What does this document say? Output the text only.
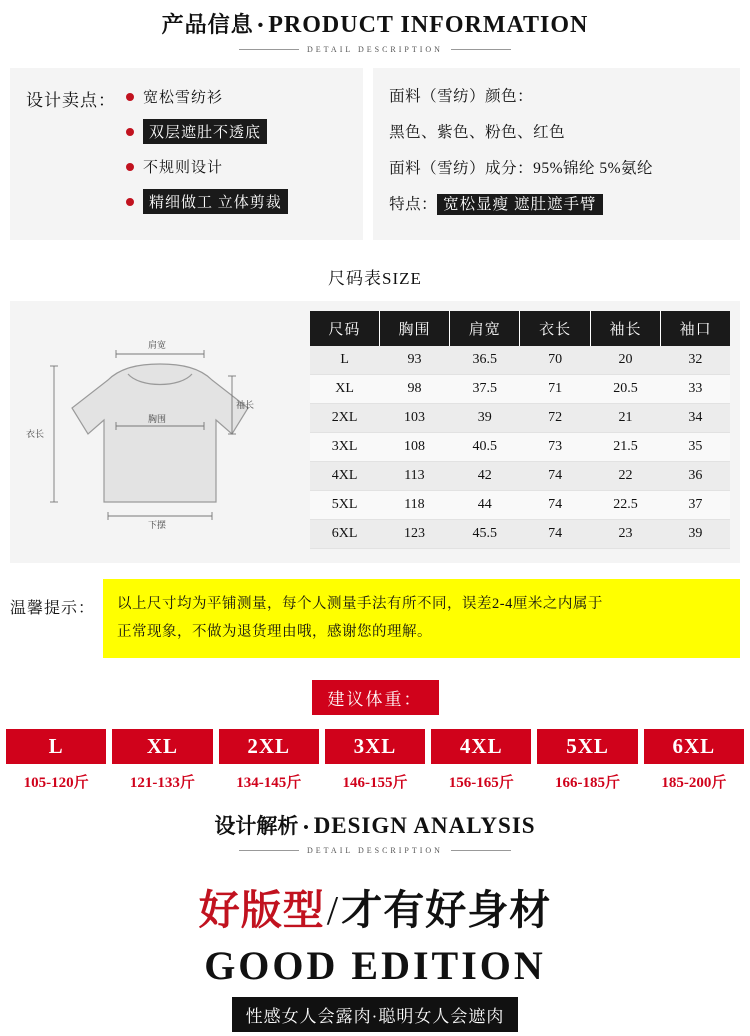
产品信息 • PRODUCT INFORMATION
DETAIL DESCRIPTION
设计卖点： 宽松雪纺衫
双层遮肚不透底
不规则设计
精细做工 立体剪裁
面料（雪纺）颜色：
黑色、紫色、粉色、红色
面料（雪纺）成分：95%锦纶 5%氨纶
特点： 宽松显瘦 遮肚遮手臂
尺码表SIZE
肩宽
胸围
袖长
衣长
下摆
尺码	胸围	肩宽	衣长	袖长	袖口
L	93	36.5	70	20	32
XL	98	37.5	71	20.5	33
2XL	103	39	72	21	34
3XL	108	40.5	73	21.5	35
4XL	113	42	74	22	36
5XL	118	44	74	22.5	37
6XL	123	45.5	74	23	39
温馨提示： 以上尺寸均为平铺测量，每个人测量手法有所不同，误差2-4厘米之内属于
正常现象，不做为退货理由哦，感谢您的理解。
建议体重：
L
105-120斤
XL
121-133斤
2XL
134-145斤
3XL
146-155斤
4XL
156-165斤
5XL
166-185斤
6XL
185-200斤
设计解析 • DESIGN ANALYSIS
DETAIL DESCRIPTION
好版型/才有好身材
GOOD EDITION
性感女人会露肉·聪明女人会遮肉
